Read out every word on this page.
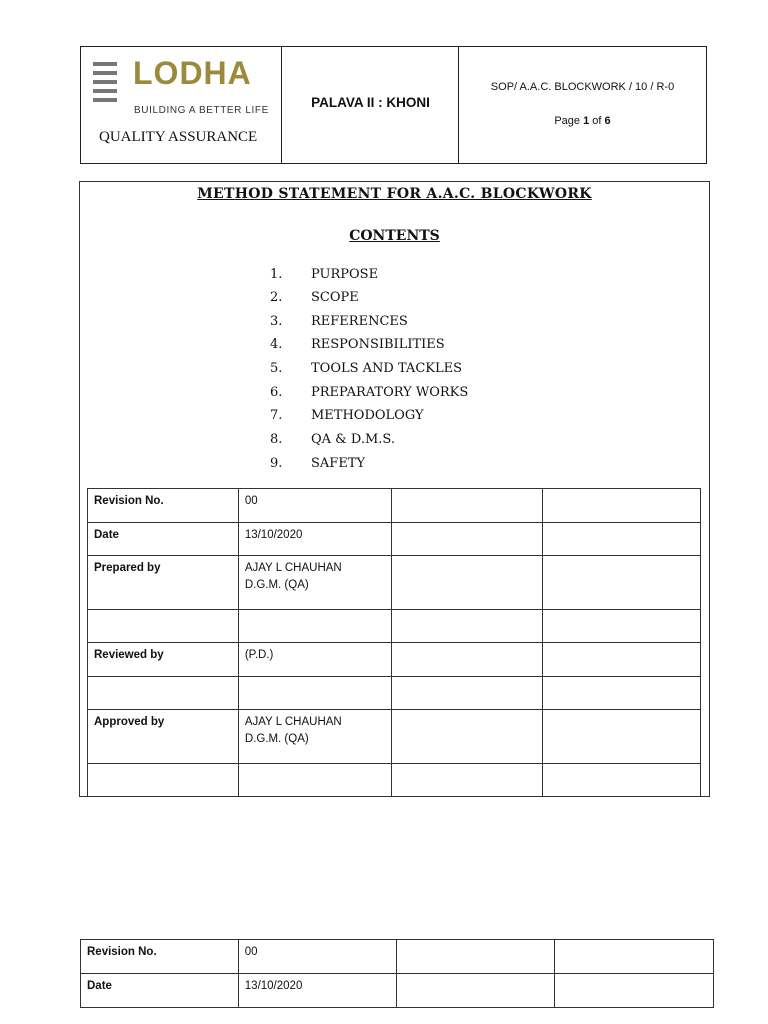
LODHA
BUILDING A BETTER LIFE
QUALITY ASSURANCE
PALAVA II : KHONI
SOP/ A.A.C. BLOCKWORK / 10 / R-0
Page 1 of 6
METHOD STATEMENT FOR A.A.C. BLOCKWORK
CONTENTS
1.	PURPOSE
2.	SCOPE
3.	REFERENCES
4.	RESPONSIBILITIES
5.	TOOLS AND TACKLES
6.	PREPARATORY WORKS
7.	METHODOLOGY
8.	QA & D.M.S.
9.	SAFETY
Revision No.	00		

Date	13/10/2020		

Prepared by	AJAY L CHAUHAN
D.G.M. (QA)		

Reviewed by	(P.D.)		

Approved by	AJAY L CHAUHAN
D.G.M. (QA)		

Revision No.	00		
Date	13/10/2020		
